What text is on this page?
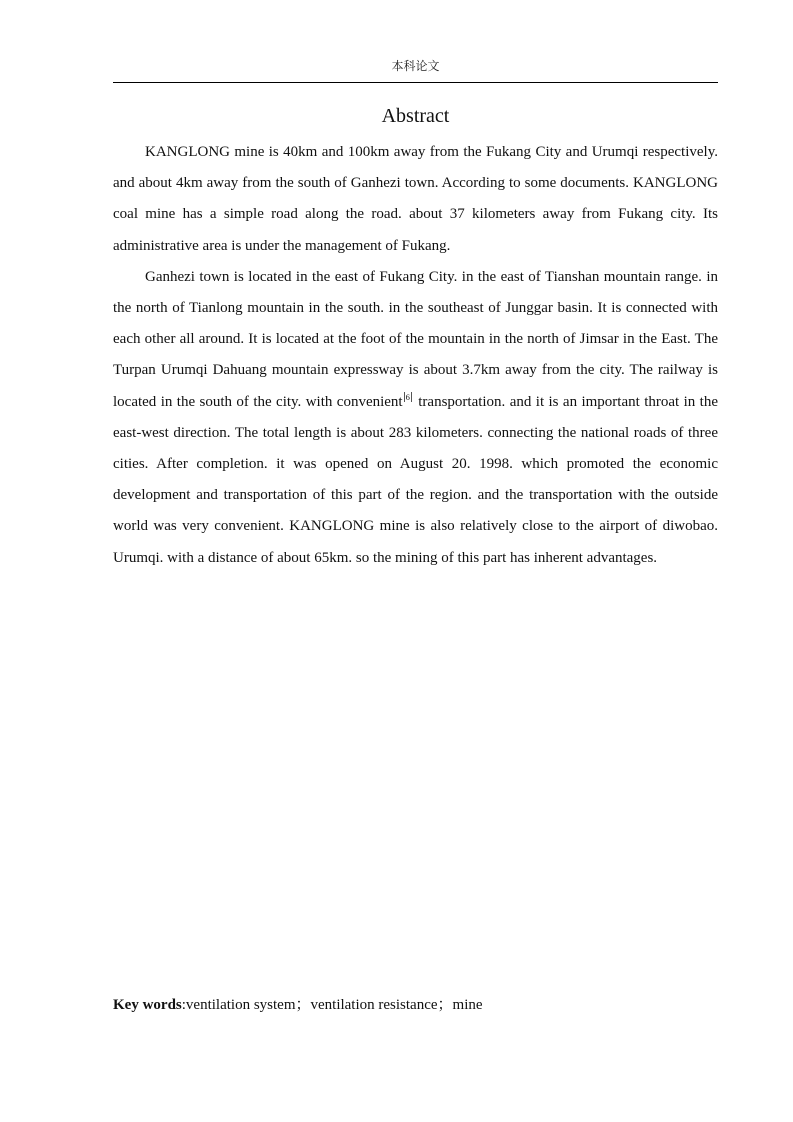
本科论文
Abstract

KANGLONG mine is 40km and 100km away from the Fukang City and Urumqi respectively. and about 4km away from the south of Ganhezi town. According to some documents. KANGLONG coal mine has a simple road along the road. about 37 kilometers away from Fukang city. Its administrative area is under the management of Fukang.

Ganhezi town is located in the east of Fukang City. in the east of Tianshan mountain range. in the north of Tianlong mountain in the south. in the southeast of Junggar basin. It is connected with each other all around. It is located at the foot of the mountain in the north of Jimsar in the East. The Turpan Urumqi Dahuang mountain expressway is about 3.7km away from the city. The railway is located in the south of the city. with convenient $^6$ transportation. and it is an important throat in the east-west direction. The total length is about 283 kilometers. connecting the national roads of three cities. After completion. it was opened on August 20. 1998. which promoted the economic development and transportation of this part of the region. and the transportation with the outside world was very convenient. KANGLONG mine is also relatively close to the airport of diwobao. Urumqi. with a distance of about 65km. so the mining of this part has inherent advantages.

Key words:ventilation system；ventilation resistance；mine
